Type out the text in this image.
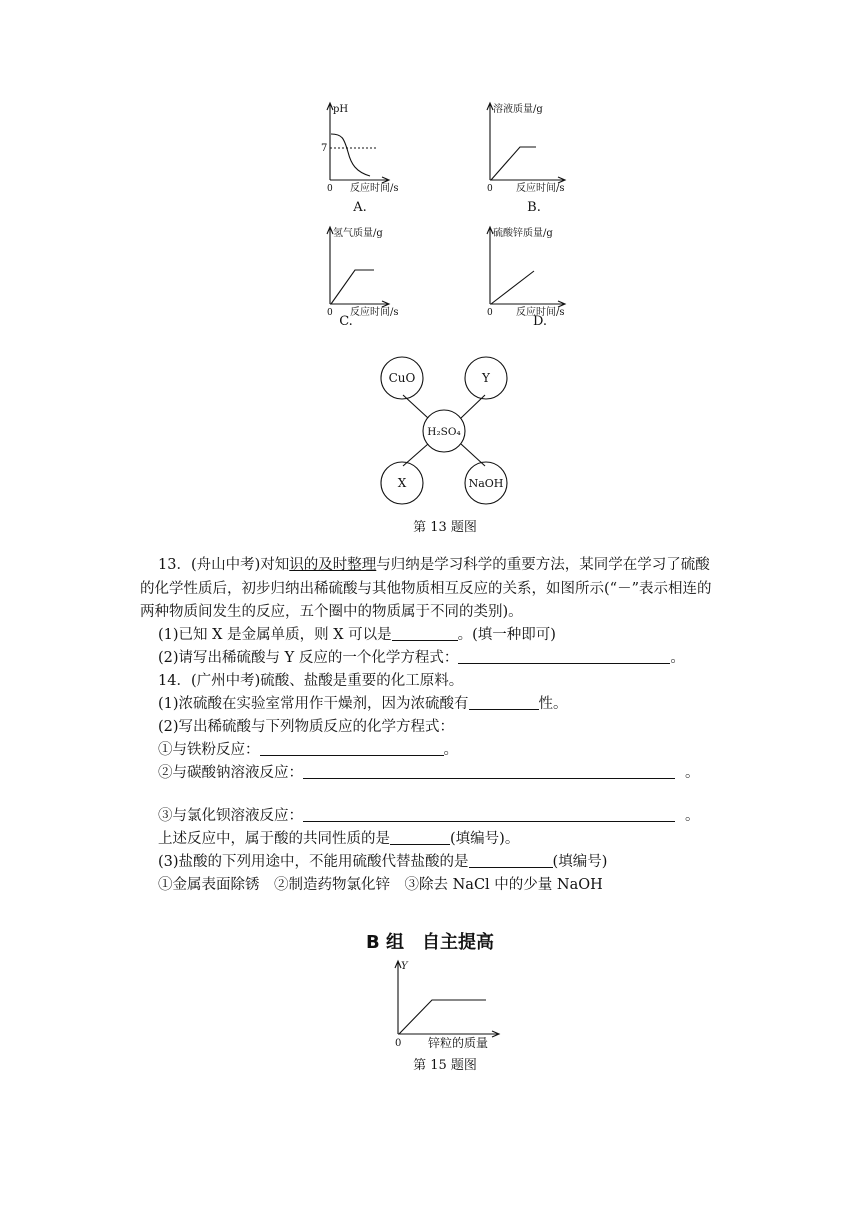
pH
7
0 反应时间/s
A.
溶液质量/g
0 反应时间/s
B.
氢气质量/g
0 反应时间/s
C.
硫酸锌质量/g
0 反应时间/s
D.
CuO	Y
H₂SO₄
X	NaOH
第 13 题图
13．(舟山中考)对知识的及时整理与归纳是学习科学的重要方法，某同学在学习了硫酸
的化学性质后，初步归纳出稀硫酸与其他物质相互反应的关系，如图所示(“－”表示相连的
两种物质间发生的反应，五个圈中的物质属于不同的类别)。
(1)已知 X 是金属单质，则 X 可以是	。(填一种即可)
(2)请写出稀硫酸与 Y 反应的一个化学方程式：	。
14．(广州中考)硫酸、盐酸是重要的化工原料。
(1)浓硫酸在实验室常用作干燥剂，因为浓硫酸有	性。
(2)写出稀硫酸与下列物质反应的化学方程式：
①与铁粉反应：	。
②与碳酸钠溶液反应：	。
③与氯化钡溶液反应：	。
上述反应中，属于酸的共同性质的是	(填编号)。
(3)盐酸的下列用途中，不能用硫酸代替盐酸的是	(填编号)
①金属表面除锈　②制造药物氯化锌　③除去 NaCl 中的少量 NaOH
B 组　自主提高
Y
0 锌粒的质量
第 15 题图
